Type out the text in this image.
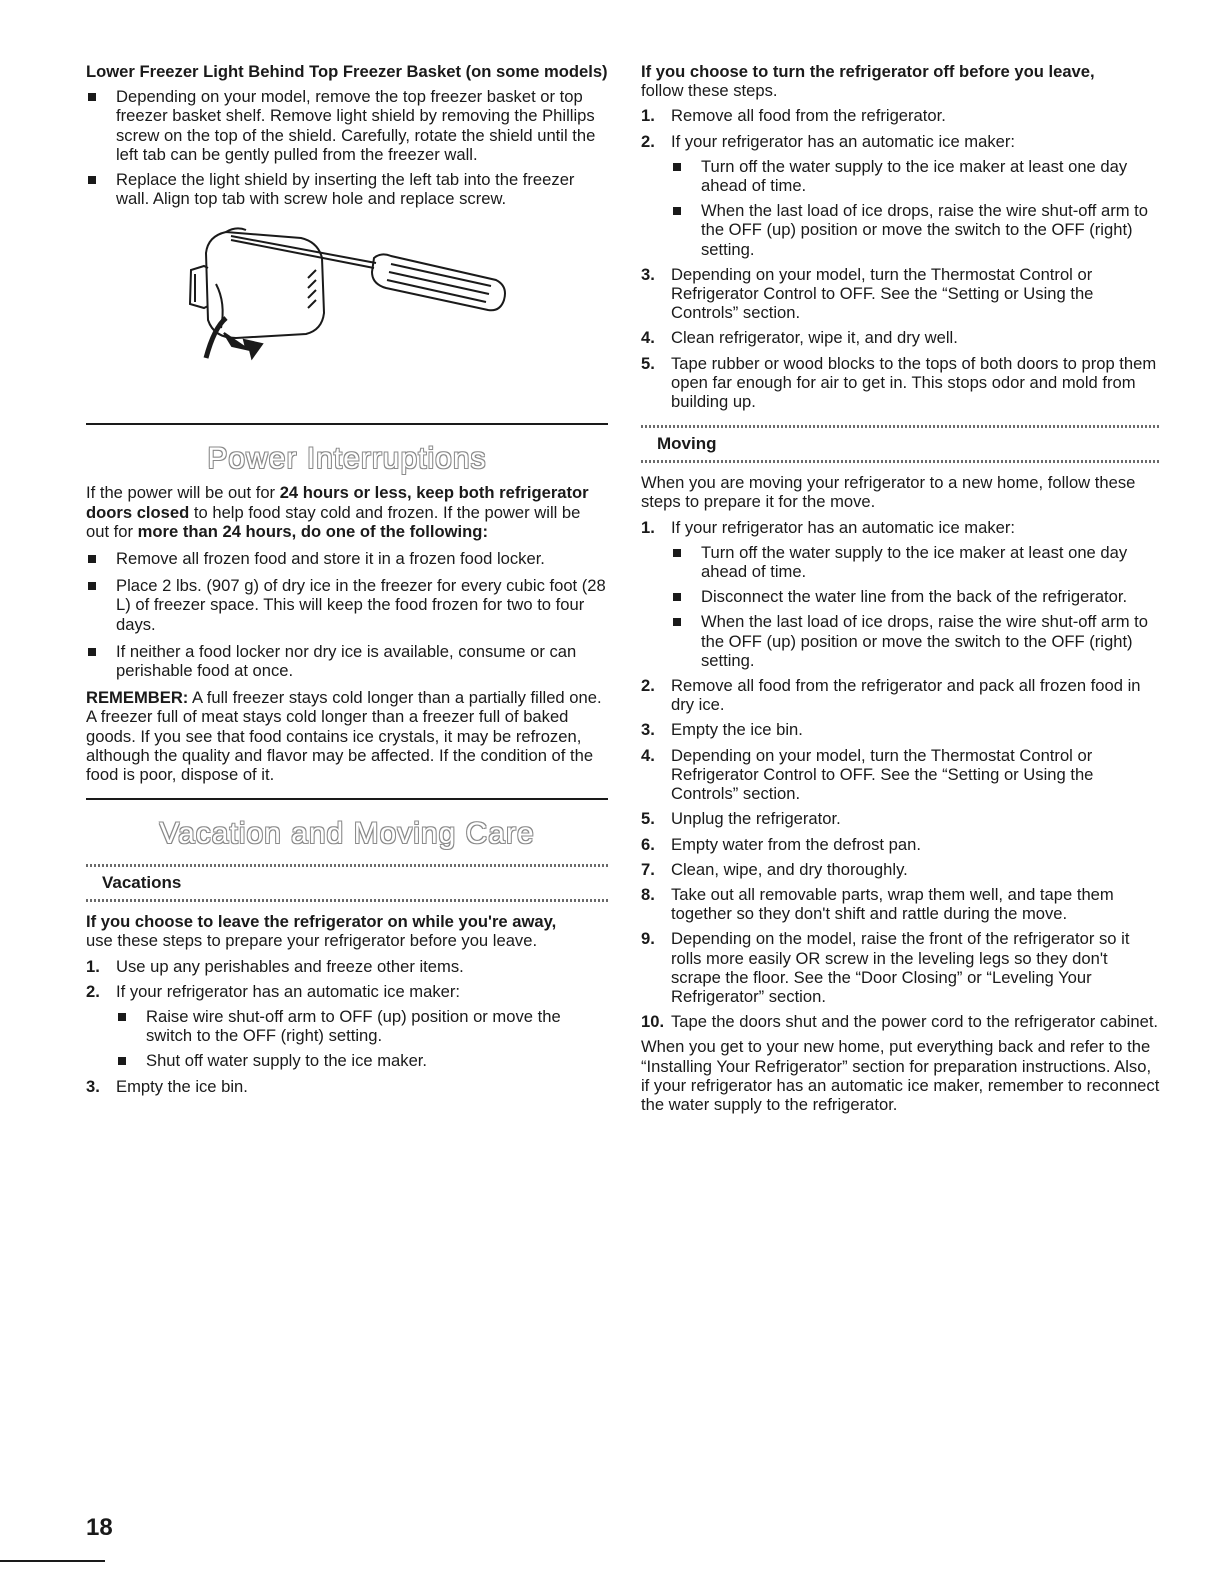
Lower Freezer Light Behind Top Freezer Basket (on some models)

Depending on your model, remove the top freezer basket or top freezer basket shelf. Remove light shield by removing the Phillips screw on the top of the shield. Carefully, rotate the shield until the left tab can be gently pulled from the freezer wall.

Replace the light shield by inserting the left tab into the freezer wall. Align top tab with screw hole and replace screw.

Power Interruptions

If the power will be out for 24 hours or less, keep both refrigerator doors closed to help food stay cold and frozen. If the power will be out for more than 24 hours, do one of the following:

Remove all frozen food and store it in a frozen food locker.

Place 2 lbs. (907 g) of dry ice in the freezer for every cubic foot (28 L) of freezer space. This will keep the food frozen for two to four days.

If neither a food locker nor dry ice is available, consume or can perishable food at once.

REMEMBER: A full freezer stays cold longer than a partially filled one. A freezer full of meat stays cold longer than a freezer full of baked goods. If you see that food contains ice crystals, it may be refrozen, although the quality and flavor may be affected. If the condition of the food is poor, dispose of it.

Vacation and Moving Care
Vacations

If you choose to leave the refrigerator on while you're away,

use these steps to prepare your refrigerator before you leave.

1. Use up any perishables and freeze other items.

2. If your refrigerator has an automatic ice maker:

Raise wire shut-off arm to OFF (up) position or move the switch to the OFF (right) setting.

Shut off water supply to the ice maker.

3. Empty the ice bin.

If you choose to turn the refrigerator off before you leave,

follow these steps.

1. Remove all food from the refrigerator.

2. If your refrigerator has an automatic ice maker:

Turn off the water supply to the ice maker at least one day ahead of time.

When the last load of ice drops, raise the wire shut-off arm to the OFF (up) position or move the switch to the OFF (right) setting.

3. Depending on your model, turn the Thermostat Control or Refrigerator Control to OFF. See the “Setting or Using the Controls” section.

4. Clean refrigerator, wipe it, and dry well.

5. Tape rubber or wood blocks to the tops of both doors to prop them open far enough for air to get in. This stops odor and mold from building up.

Moving

When you are moving your refrigerator to a new home, follow these steps to prepare it for the move.

1. If your refrigerator has an automatic ice maker:

Turn off the water supply to the ice maker at least one day ahead of time.

Disconnect the water line from the back of the refrigerator.

When the last load of ice drops, raise the wire shut-off arm to the OFF (up) position or move the switch to the OFF (right) setting.

2. Remove all food from the refrigerator and pack all frozen food in dry ice.

3. Empty the ice bin.

4. Depending on your model, turn the Thermostat Control or Refrigerator Control to OFF. See the “Setting or Using the Controls” section.

5. Unplug the refrigerator.

6. Empty water from the defrost pan.

7. Clean, wipe, and dry thoroughly.

8. Take out all removable parts, wrap them well, and tape them together so they don't shift and rattle during the move.

9. Depending on the model, raise the front of the refrigerator so it rolls more easily OR screw in the leveling legs so they don't scrape the floor. See the “Door Closing” or “Leveling Your Refrigerator” section.

10. Tape the doors shut and the power cord to the refrigerator cabinet.

When you get to your new home, put everything back and refer to the “Installing Your Refrigerator” section for preparation instructions. Also, if your refrigerator has an automatic ice maker, remember to reconnect the water supply to the refrigerator.

18
